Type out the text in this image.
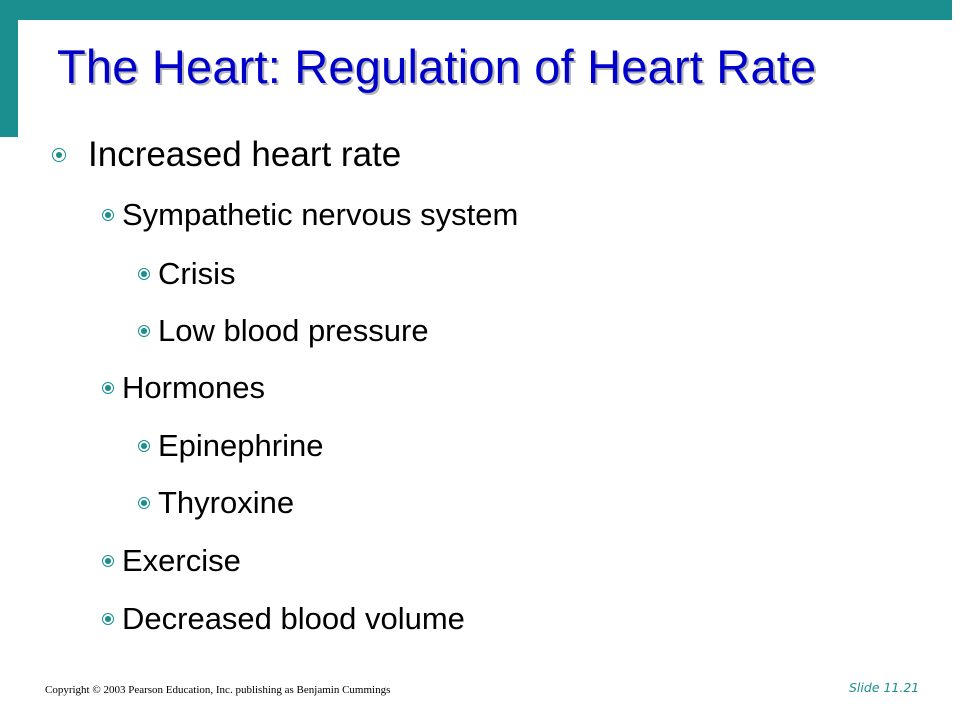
The Heart: Regulation of Heart Rate
Increased heart rate
Sympathetic nervous system
Crisis
Low blood pressure
Hormones
Epinephrine
Thyroxine
Exercise
Decreased blood volume
Copyright © 2003 Pearson Education, Inc. publishing as Benjamin Cummings	Slide 11.21
